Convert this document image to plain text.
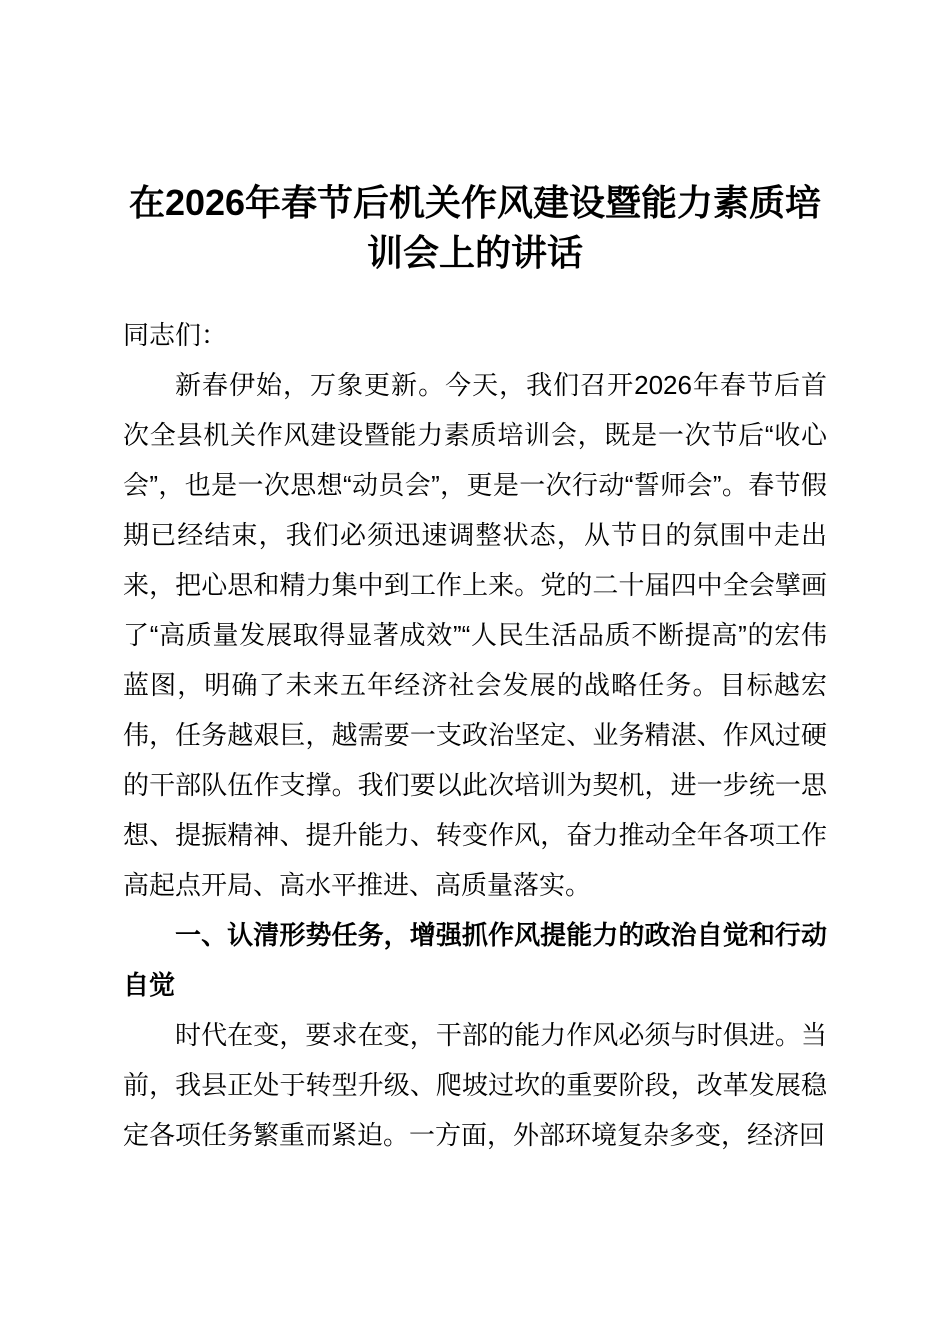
在2026年春节后机关作风建设暨能力素质培训会上的讲话

同志们：

新春伊始，万象更新。今天，我们召开2026年春节后首次全县机关作风建设暨能力素质培训会，既是一次节后“收心会”，也是一次思想“动员会”，更是一次行动“誓师会”。春节假期已经结束，我们必须迅速调整状态，从节日的氛围中走出来，把心思和精力集中到工作上来。党的二十届四中全会擘画了“高质量发展取得显著成效”“人民生活品质不断提高”的宏伟蓝图，明确了未来五年经济社会发展的战略任务。目标越宏伟，任务越艰巨，越需要一支政治坚定、业务精湛、作风过硬的干部队伍作支撑。我们要以此次培训为契机，进一步统一思想、提振精神、提升能力、转变作风，奋力推动全年各项工作高起点开局、高水平推进、高质量落实。

一、认清形势任务，增强抓作风提能力的政治自觉和行动自觉

时代在变，要求在变，干部的能力作风必须与时俱进。当前，我县正处于转型升级、爬坡过坎的重要阶段，改革发展稳定各项任务繁重而紧迫。一方面，外部环境复杂多变，经济回
